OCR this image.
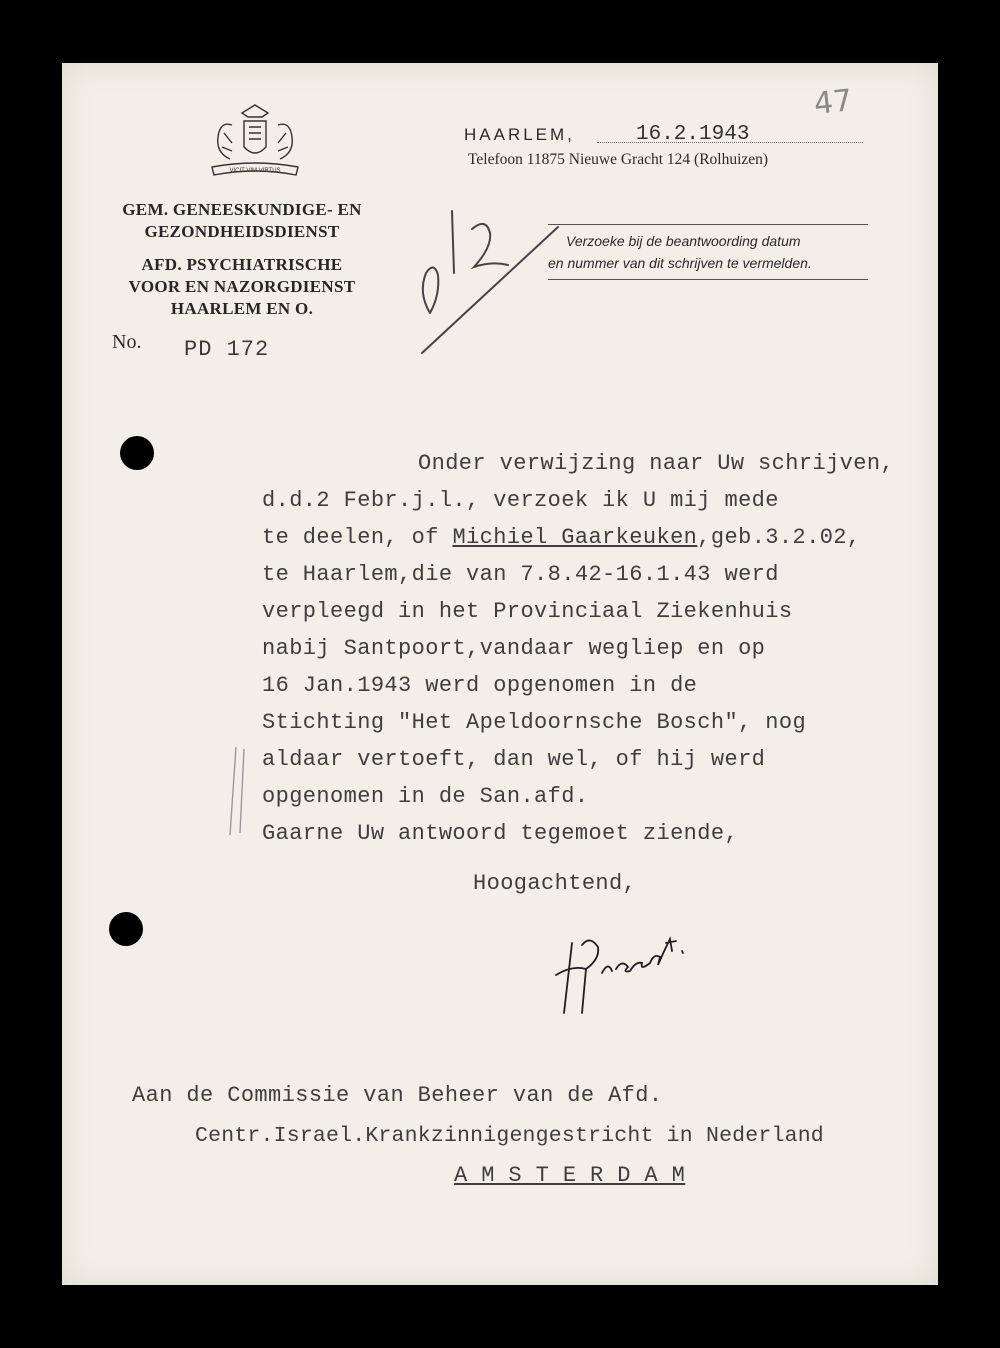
VICIT VIM VIRTUS
GEM. GENEESKUNDIGE- EN
GEZONDHEIDSDIENST
AFD. PSYCHIATRISCHE
VOOR EN NAZORGDIENST
HAARLEM EN O.
No. PD 172
HAARLEM,	16.2.1943
Telefoon 11875 Nieuwe Gracht 124 (Rolhuizen)
47
Verzoeke bij de beantwoording datum
en nummer van dit schrijven te vermelden.
Onder verwijzing naar Uw schrijven,
d.d.2 Febr.j.l., verzoek ik U mij mede
te deelen, of Michiel Gaarkeuken,geb.3.2.02,
te Haarlem,die van 7.8.42-16.1.43 werd
verpleegd in het Provinciaal Ziekenhuis
nabij Santpoort,vandaar wegliep en op
16 Jan.1943 werd opgenomen in de
Stichting "Het Apeldoornsche Bosch", nog
aldaar vertoeft, dan wel, of hij werd
opgenomen in de San.afd.
Gaarne Uw antwoord tegemoet ziende,
Hoogachtend,
Aan de Commissie van Beheer van de Afd.
Centr.Israel.Krankzinnigengestricht in Nederland
A M S T E R D A M
